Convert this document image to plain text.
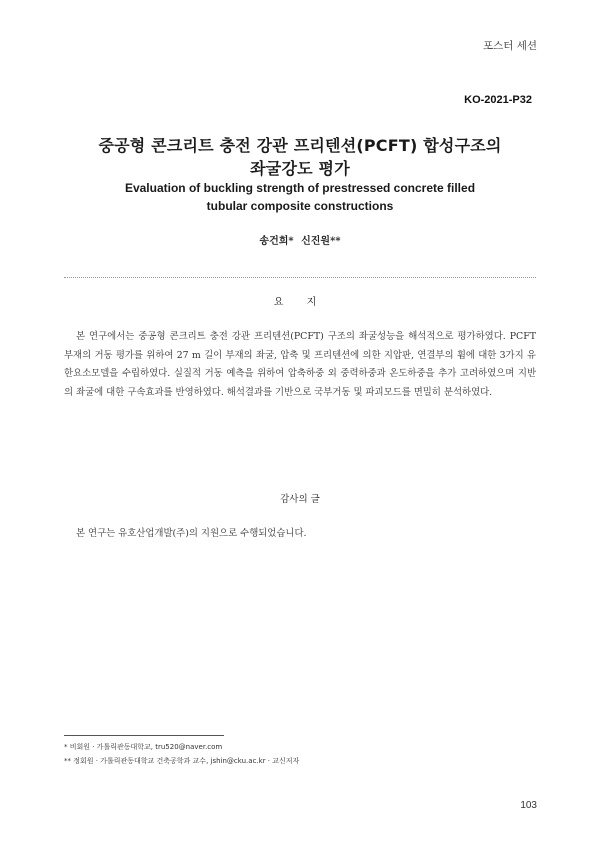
포스터 세션
KO-2021-P32
중공형 콘크리트 충전 강관 프리텐션(PCFT) 합성구조의
좌굴강도 평가
Evaluation of buckling strength of prestressed concrete filled
tubular composite constructions
송건희* 신진원**
요 지
본 연구에서는 중공형 콘크리트 충전 강관 프리텐션(PCFT) 구조의 좌굴성능을 해석적으로 평가하였다. PCFT 부재의 거동 평가를 위하여 27 m 길이 부재의 좌굴, 압축 및 프리텐션에 의한 지압판, 연결부의 휨에 대한 3가지 유한요소모델을 수립하였다. 실질적 거동 예측을 위하여 압축하중 외 중력하중과 온도하중을 추가 고려하였으며 지반의 좌굴에 대한 구속효과를 반영하였다. 해석결과를 기반으로 국부거동 및 파괴모드를 면밀히 분석하였다.
감사의 글
본 연구는 유호산업개발(주)의 지원으로 수행되었습니다.
* 비회원 · 가톨릭관동대학교, tru520@naver.com
** 정회원 · 가톨릭관동대학교 건축공학과 교수, jshin@cku.ac.kr · 교신저자
103
